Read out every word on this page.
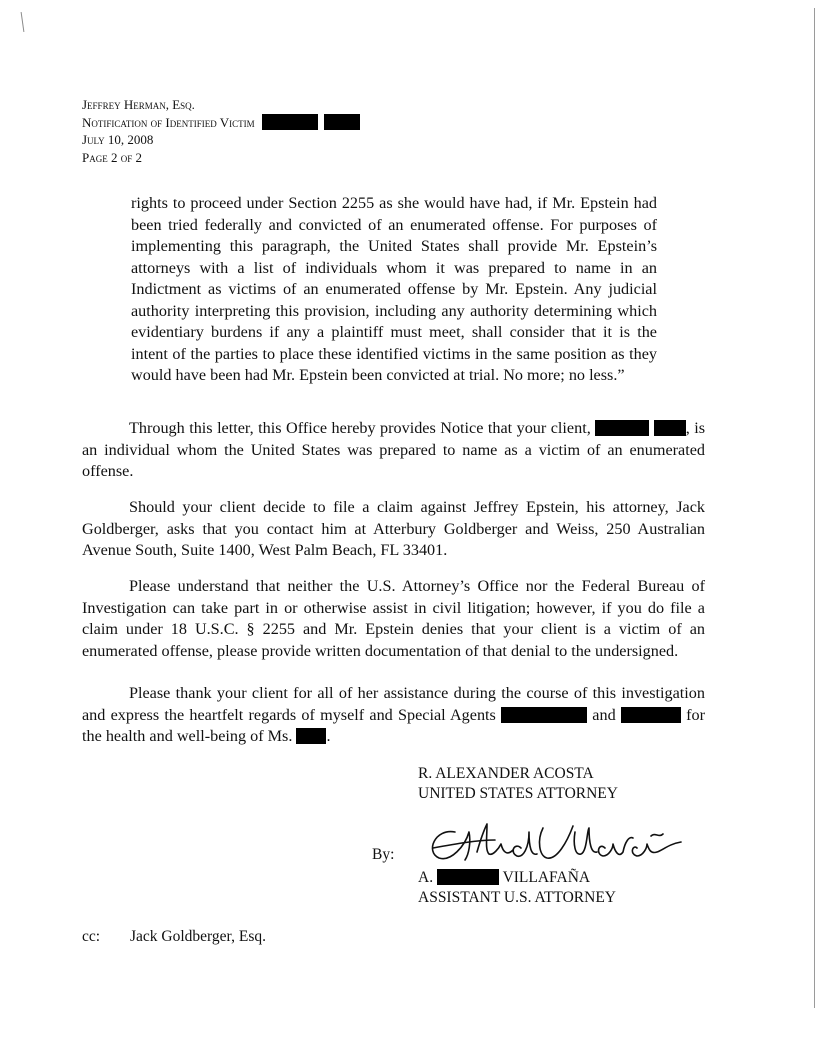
Jeffrey Herman, Esq.
Notification of Identified Victim
July 10, 2008
Page 2 of 2

rights to proceed under Section 2255 as she would have had, if Mr. Epstein had been tried federally and convicted of an enumerated offense. For purposes of implementing this paragraph, the United States shall provide Mr. Epstein’s attorneys with a list of individuals whom it was prepared to name in an Indictment as victims of an enumerated offense by Mr. Epstein. Any judicial authority interpreting this provision, including any authority determining which evidentiary burdens if any a plaintiff must meet, shall consider that it is the intent of the parties to place these identified victims in the same position as they would have been had Mr. Epstein been convicted at trial. No more; no less.”

Through this letter, this Office hereby provides Notice that your client,	, is an individual whom the United States was prepared to name as a victim of an enumerated offense.

Should your client decide to file a claim against Jeffrey Epstein, his attorney, Jack Goldberger, asks that you contact him at Atterbury Goldberger and Weiss, 250 Australian Avenue South, Suite 1400, West Palm Beach, FL 33401.

Please understand that neither the U.S. Attorney’s Office nor the Federal Bureau of Investigation can take part in or otherwise assist in civil litigation; however, if you do file a claim under 18 U.S.C. § 2255 and Mr. Epstein denies that your client is a victim of an enumerated offense, please provide written documentation of that denial to the undersigned.

Please thank your client for all of her assistance during the course of this investigation and express the heartfelt regards of myself and Special Agents	and	for the health and well-being of Ms. .

R. ALEXANDER ACOSTA
UNITED STATES ATTORNEY
By:
A.	VILLAFAÑA
ASSISTANT U.S. ATTORNEY
cc: Jack Goldberger, Esq.
